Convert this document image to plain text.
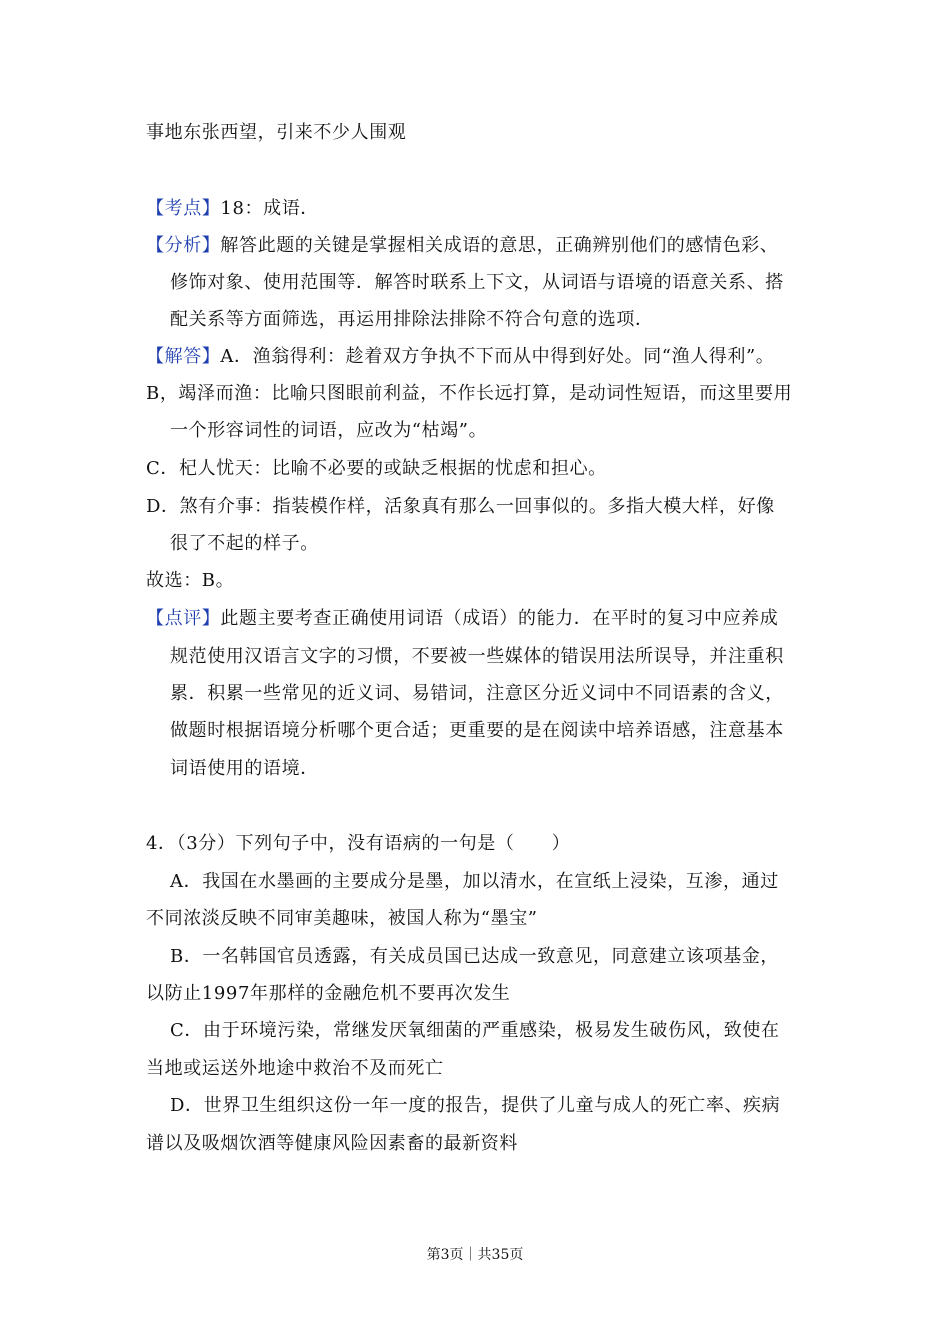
事地东张西望，引来不少人围观
【考点】18：成语．
【分析】解答此题的关键是掌握相关成语的意思，正确辨别他们的感情色彩、
修饰对象、使用范围等．解答时联系上下文，从词语与语境的语意关系、搭
配关系等方面筛选，再运用排除法排除不符合句意的选项．
【解答】A．渔翁得利：趁着双方争执不下而从中得到好处。同“渔人得利”。
B，竭泽而渔：比喻只图眼前利益，不作长远打算，是动词性短语，而这里要用
一个形容词性的词语，应改为“枯竭”。
C．杞人忧天：比喻不必要的或缺乏根据的忧虑和担心。
D．煞有介事：指装模作样，活象真有那么一回事似的。多指大模大样，好像
很了不起的样子。
故选：B。
【点评】此题主要考查正确使用词语（成语）的能力．在平时的复习中应养成
规范使用汉语言文字的习惯，不要被一些媒体的错误用法所误导，并注重积
累．积累一些常见的近义词、易错词，注意区分近义词中不同语素的含义，
做题时根据语境分析哪个更合适；更重要的是在阅读中培养语感，注意基本
词语使用的语境．
4．（3分）下列句子中，没有语病的一句是（　　）
A．我国在水墨画的主要成分是墨，加以清水，在宣纸上浸染，互渗，通过
不同浓淡反映不同审美趣味，被国人称为“墨宝”
B．一名韩国官员透露，有关成员国已达成一致意见，同意建立该项基金，
以防止1997年那样的金融危机不要再次发生
C．由于环境污染，常继发厌氧细菌的严重感染，极易发生破伤风，致使在
当地或运送外地途中救治不及而死亡
D．世界卫生组织这份一年一度的报告，提供了儿童与成人的死亡率、疾病
谱以及吸烟饮酒等健康风险因素畜的最新资料
第3页｜共35页
